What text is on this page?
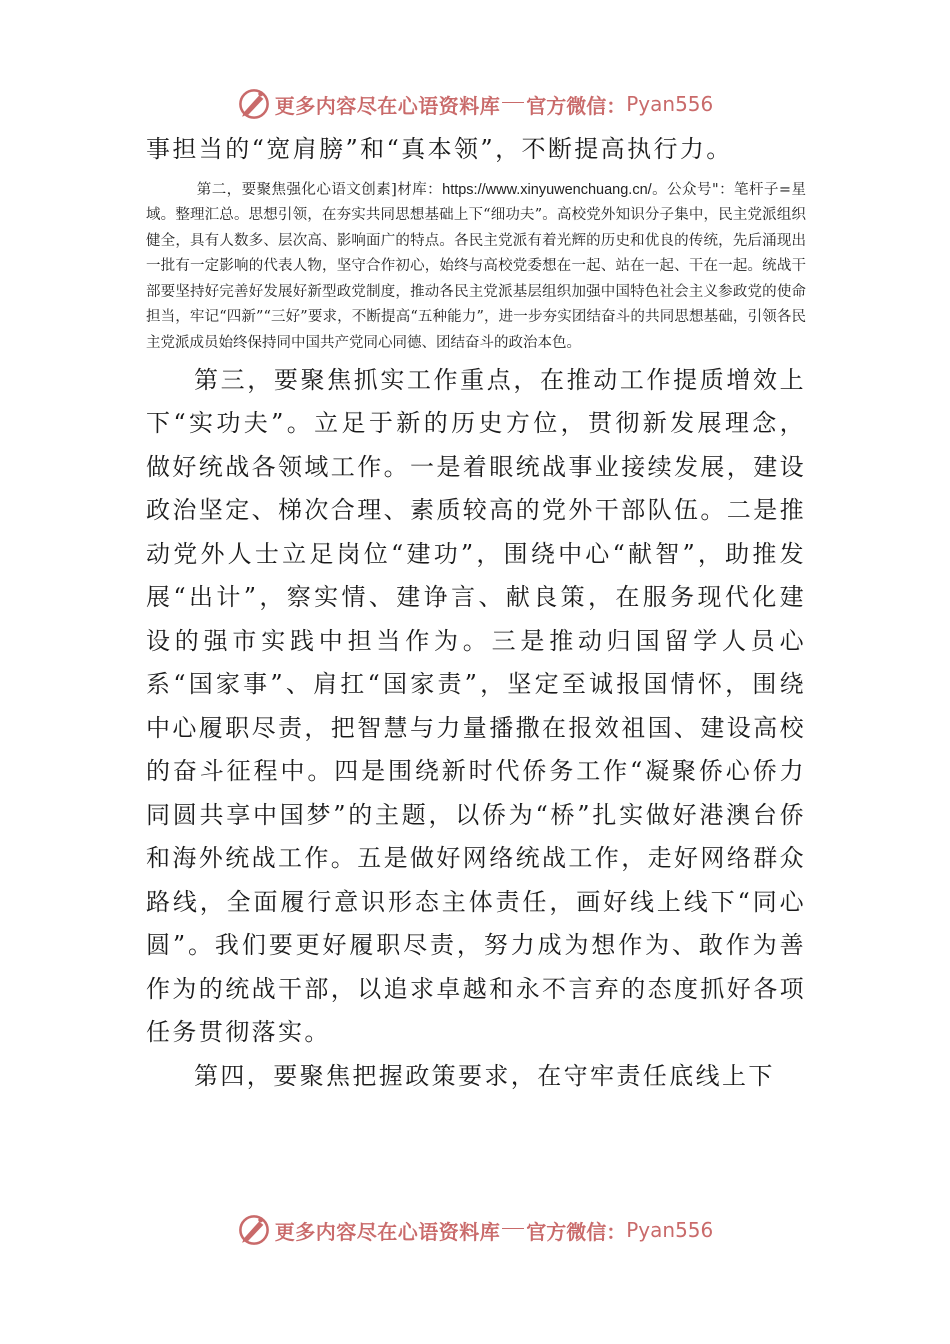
更多内容尽在心语资料库 官方微信： Pyan556

事担当的“宽肩膀”和“真本领”，不断提高执行力。

第二，要聚焦强化心语文创素]材库：https://www.xinyuwenchuang.cn/。公众号"：笔杆子=星域。整理汇总。思想引领，在夯实共同思想基础上下“细功夫”。高校党外知识分子集中，民主党派组织健全，具有人数多、层次高、影响面广的特点。各民主党派有着光辉的历史和优良的传统，先后涌现出一批有一定影响的代表人物，坚守合作初心，始终与高校党委想在一起、站在一起、干在一起。统战干部要坚持好完善好发展好新型政党制度，推动各民主党派基层组织加强中国特色社会主义参政党的使命担当，牢记“四新”“三好”要求，不断提高“五种能力”，进一步夯实团结奋斗的共同思想基础，引领各民主党派成员始终保持同中国共产党同心同德、团结奋斗的政治本色。

第三，要聚焦抓实工作重点，在推动工作提质增效上下“实功夫”。立足于新的历史方位，贯彻新发展理念，做好统战各领域工作。一是着眼统战事业接续发展，建设政治坚定、梯次合理、素质较高的党外干部队伍。二是推动党外人士立足岗位“建功”，围绕中心“献智”，助推发展“出计”，察实情、建诤言、献良策，在服务现代化建设的强市实践中担当作为。三是推动归国留学人员心系“国家事”、肩扛“国家责”，坚定至诚报国情怀，围绕中心履职尽责，把智慧与力量播撒在报效祖国、建设高校的奋斗征程中。四是围绕新时代侨务工作“凝聚侨心侨力同圆共享中国梦”的主题，以侨为“桥”扎实做好港澳台侨和海外统战工作。五是做好网络统战工作，走好网络群众路线，全面履行意识形态主体责任，画好线上线下“同心圆”。我们要更好履职尽责，努力成为想作为、敢作为善作为的统战干部，以追求卓越和永不言弃的态度抓好各项任务贯彻落实。

第四，要聚焦把握政策要求，在守牢责任底线上下

更多内容尽在心语资料库 官方微信： Pyan556
